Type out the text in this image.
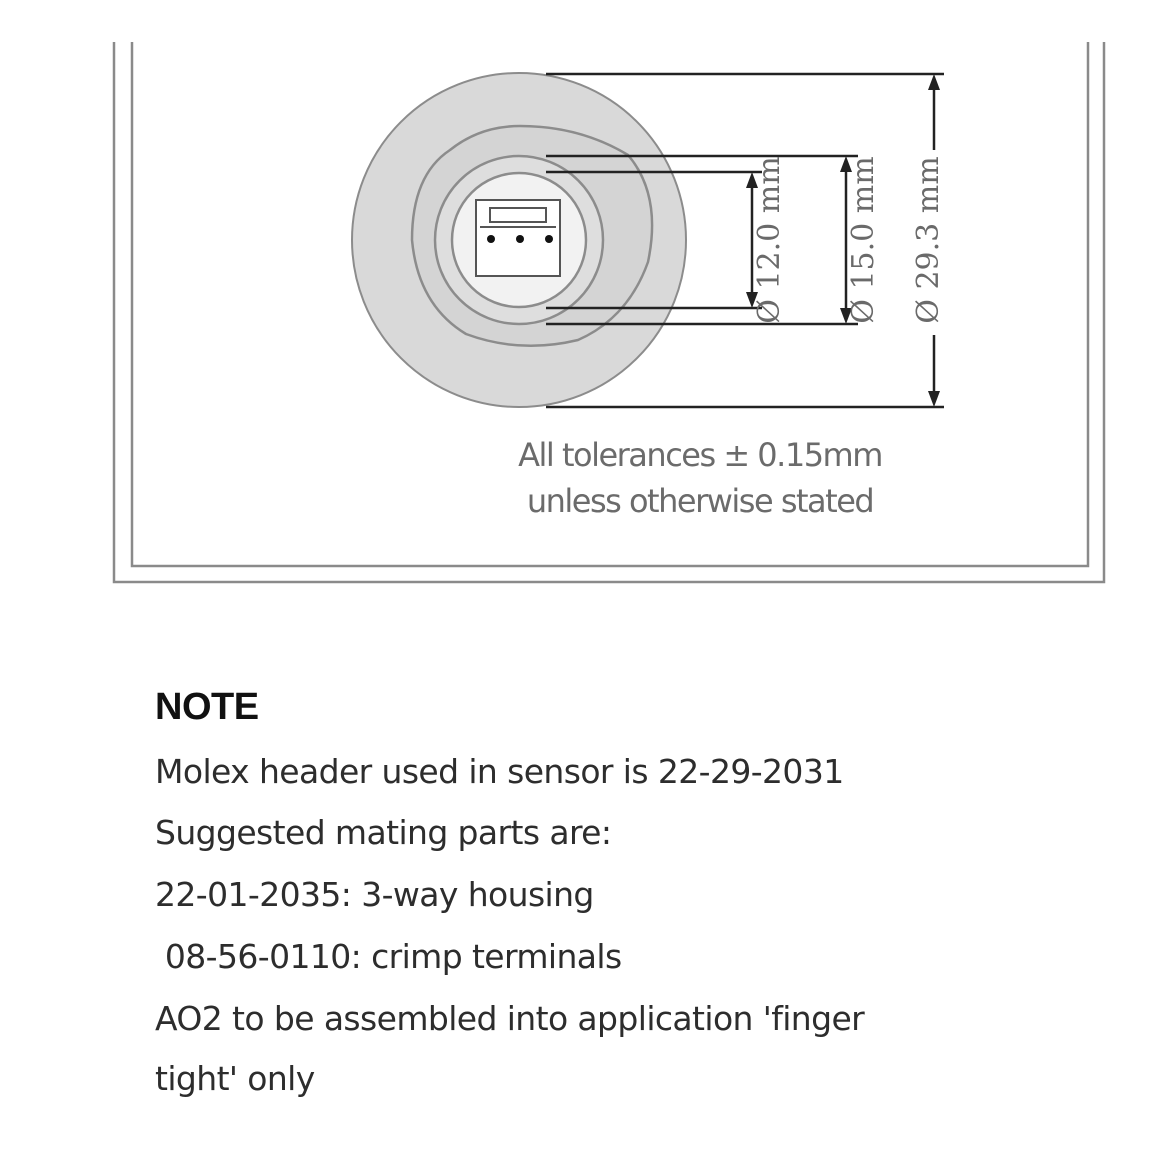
Ø 12.0 mm Ø 15.0 mm Ø 29.3 mm
All tolerances ± 0.15mm
unless otherwise stated
NOTE
Molex header used in sensor is 22-29-2031
Suggested mating parts are:
22-01-2035: 3-way housing
08-56-0110: crimp terminals
AO2 to be assembled into application 'finger
tight' only
